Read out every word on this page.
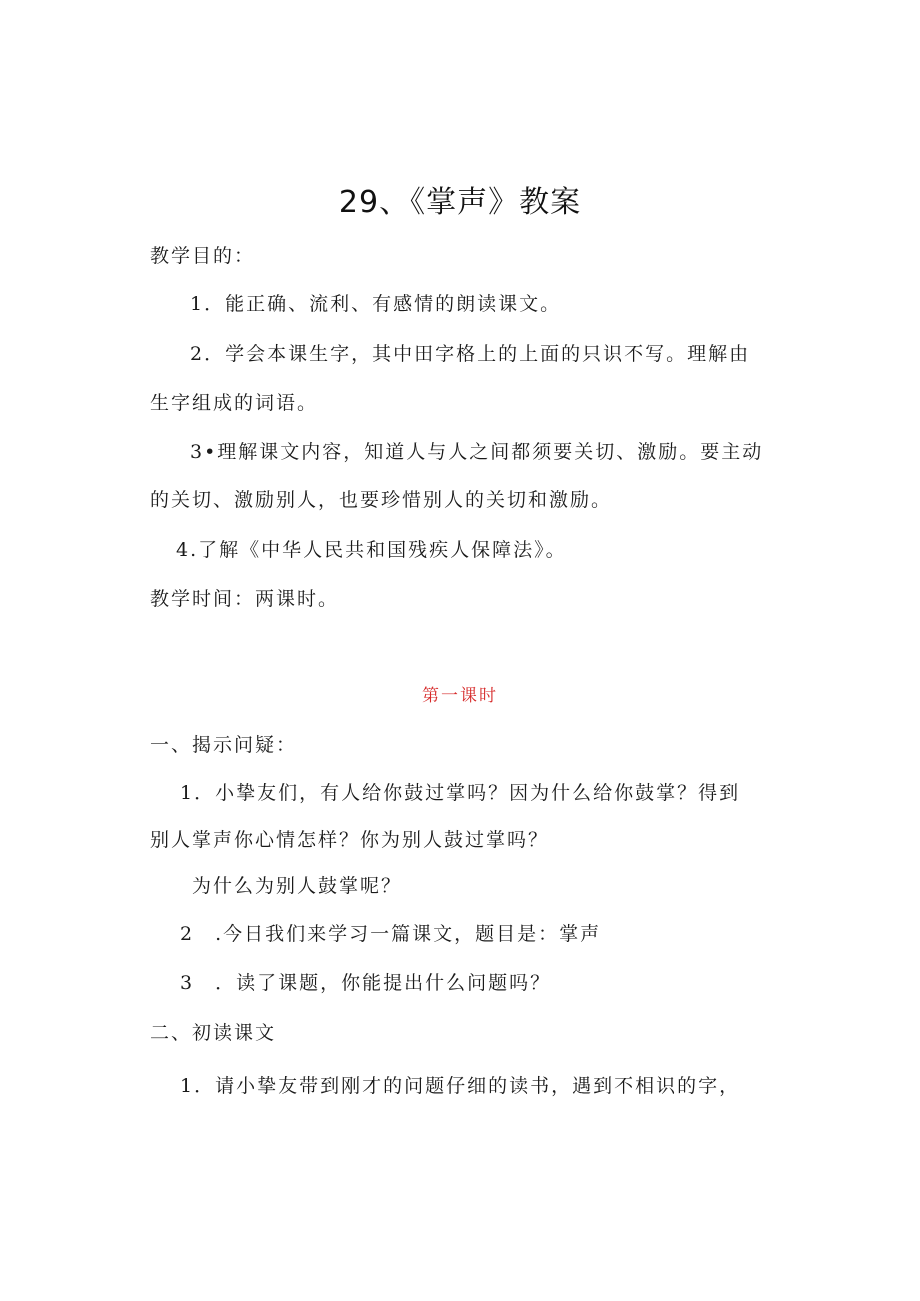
29、《掌声》教案
教学目的：
1．能正确、流利、有感情的朗读课文。
2．学会本课生字，其中田字格上的上面的只识不写。理解由
生字组成的词语。
3•理解课文内容，知道人与人之间都须要关切、激励。要主动
的关切、激励别人，也要珍惜别人的关切和激励。
4.了解《中华人民共和国残疾人保障法》。
教学时间：两课时。
第一课时
一、揭示问疑：
1．小挚友们，有人给你鼓过掌吗？因为什么给你鼓掌？得到
别人掌声你心情怎样？你为别人鼓过掌吗？
为什么为别人鼓掌呢？
2　.今日我们来学习一篇课文，题目是：掌声
3　．读了课题，你能提出什么问题吗？
二、初读课文
1．请小挚友带到刚才的问题仔细的读书，遇到不相识的字，
